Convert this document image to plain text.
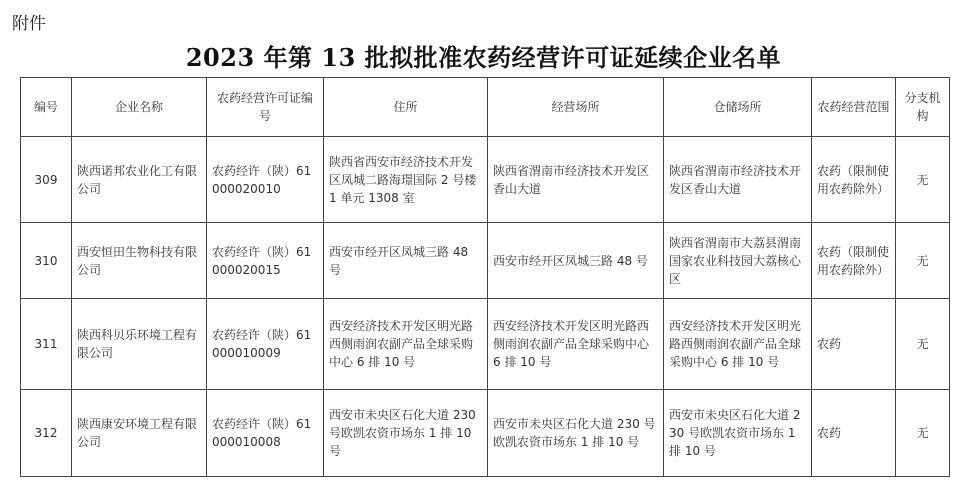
附件
2023 年第 13 批拟批准农药经营许可证延续企业名单
编号	企业名称	农药经营许可证编号	住所	经营场所	仓储场所	农药经营范围	分支机构
309	陕西诺邦农业化工有限公司	农药经许（陕）61000020010	陕西省西安市经济技术开发区凤城二路海璟国际 2 号楼 1 单元 1308 室	陕西省渭南市经济技术开发区香山大道	陕西省渭南市经济技术开发区香山大道	农药（限制使用农药除外）	无
310	西安恒田生物科技有限公司	农药经许（陕）61000020015	西安市经开区凤城三路 48 号	西安市经开区凤城三路 48 号	陕西省渭南市大荔县渭南国家农业科技园大荔核心区	农药（限制使用农药除外）	无
311	陕西科贝乐环境工程有限公司	农药经许（陕）61000010009	西安经济技术开发区明光路西侧雨润农副产品全球采购中心 6 排 10 号	西安经济技术开发区明光路西侧雨润农副产品全球采购中心 6 排 10 号	西安经济技术开发区明光路西侧雨润农副产品全球采购中心 6 排 10 号	农药	无
312	陕西康安环境工程有限公司	农药经许（陕）61000010008	西安市未央区石化大道 230 号欧凯农资市场东 1 排 10 号	西安市未央区石化大道 230 号欧凯农资市场东 1 排 10 号	西安市未央区石化大道 230 号欧凯农资市场东 1 排 10 号	农药	无
